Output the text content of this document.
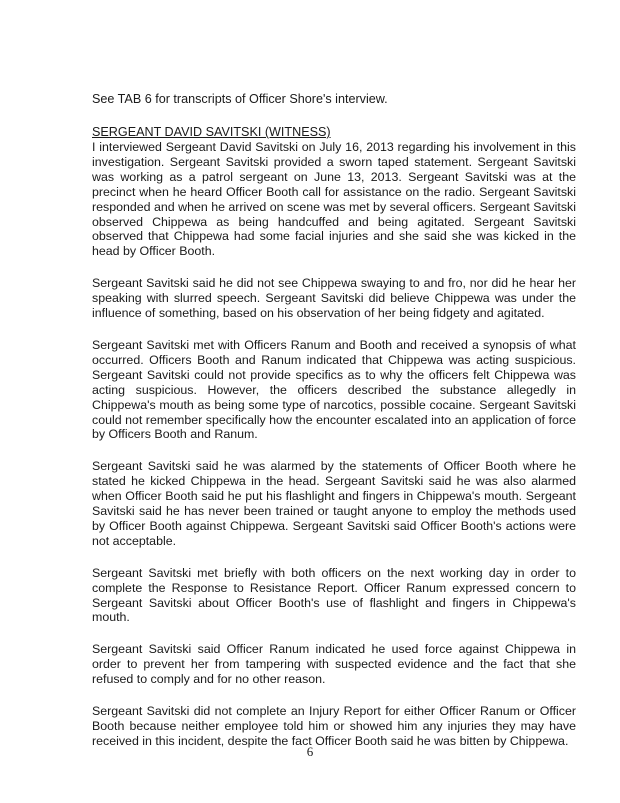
See TAB 6 for transcripts of Officer Shore's interview.

SERGEANT DAVID SAVITSKI (WITNESS)

I interviewed Sergeant David Savitski on July 16, 2013 regarding his involvement in this investigation. Sergeant Savitski provided a sworn taped statement. Sergeant Savitski was working as a patrol sergeant on June 13, 2013. Sergeant Savitski was at the precinct when he heard Officer Booth call for assistance on the radio. Sergeant Savitski responded and when he arrived on scene was met by several officers. Sergeant Savitski observed Chippewa as being handcuffed and being agitated. Sergeant Savitski observed that Chippewa had some facial injuries and she said she was kicked in the head by Officer Booth.

Sergeant Savitski said he did not see Chippewa swaying to and fro, nor did he hear her speaking with slurred speech. Sergeant Savitski did believe Chippewa was under the influence of something, based on his observation of her being fidgety and agitated.

Sergeant Savitski met with Officers Ranum and Booth and received a synopsis of what occurred. Officers Booth and Ranum indicated that Chippewa was acting suspicious. Sergeant Savitski could not provide specifics as to why the officers felt Chippewa was acting suspicious. However, the officers described the substance allegedly in Chippewa's mouth as being some type of narcotics, possible cocaine. Sergeant Savitski could not remember specifically how the encounter escalated into an application of force by Officers Booth and Ranum.

Sergeant Savitski said he was alarmed by the statements of Officer Booth where he stated he kicked Chippewa in the head. Sergeant Savitski said he was also alarmed when Officer Booth said he put his flashlight and fingers in Chippewa's mouth. Sergeant Savitski said he has never been trained or taught anyone to employ the methods used by Officer Booth against Chippewa. Sergeant Savitski said Officer Booth's actions were not acceptable.

Sergeant Savitski met briefly with both officers on the next working day in order to complete the Response to Resistance Report. Officer Ranum expressed concern to Sergeant Savitski about Officer Booth's use of flashlight and fingers in Chippewa's mouth.

Sergeant Savitski said Officer Ranum indicated he used force against Chippewa in order to prevent her from tampering with suspected evidence and the fact that she refused to comply and for no other reason.

Sergeant Savitski did not complete an Injury Report for either Officer Ranum or Officer Booth because neither employee told him or showed him any injuries they may have received in this incident, despite the fact Officer Booth said he was bitten by Chippewa.

6
